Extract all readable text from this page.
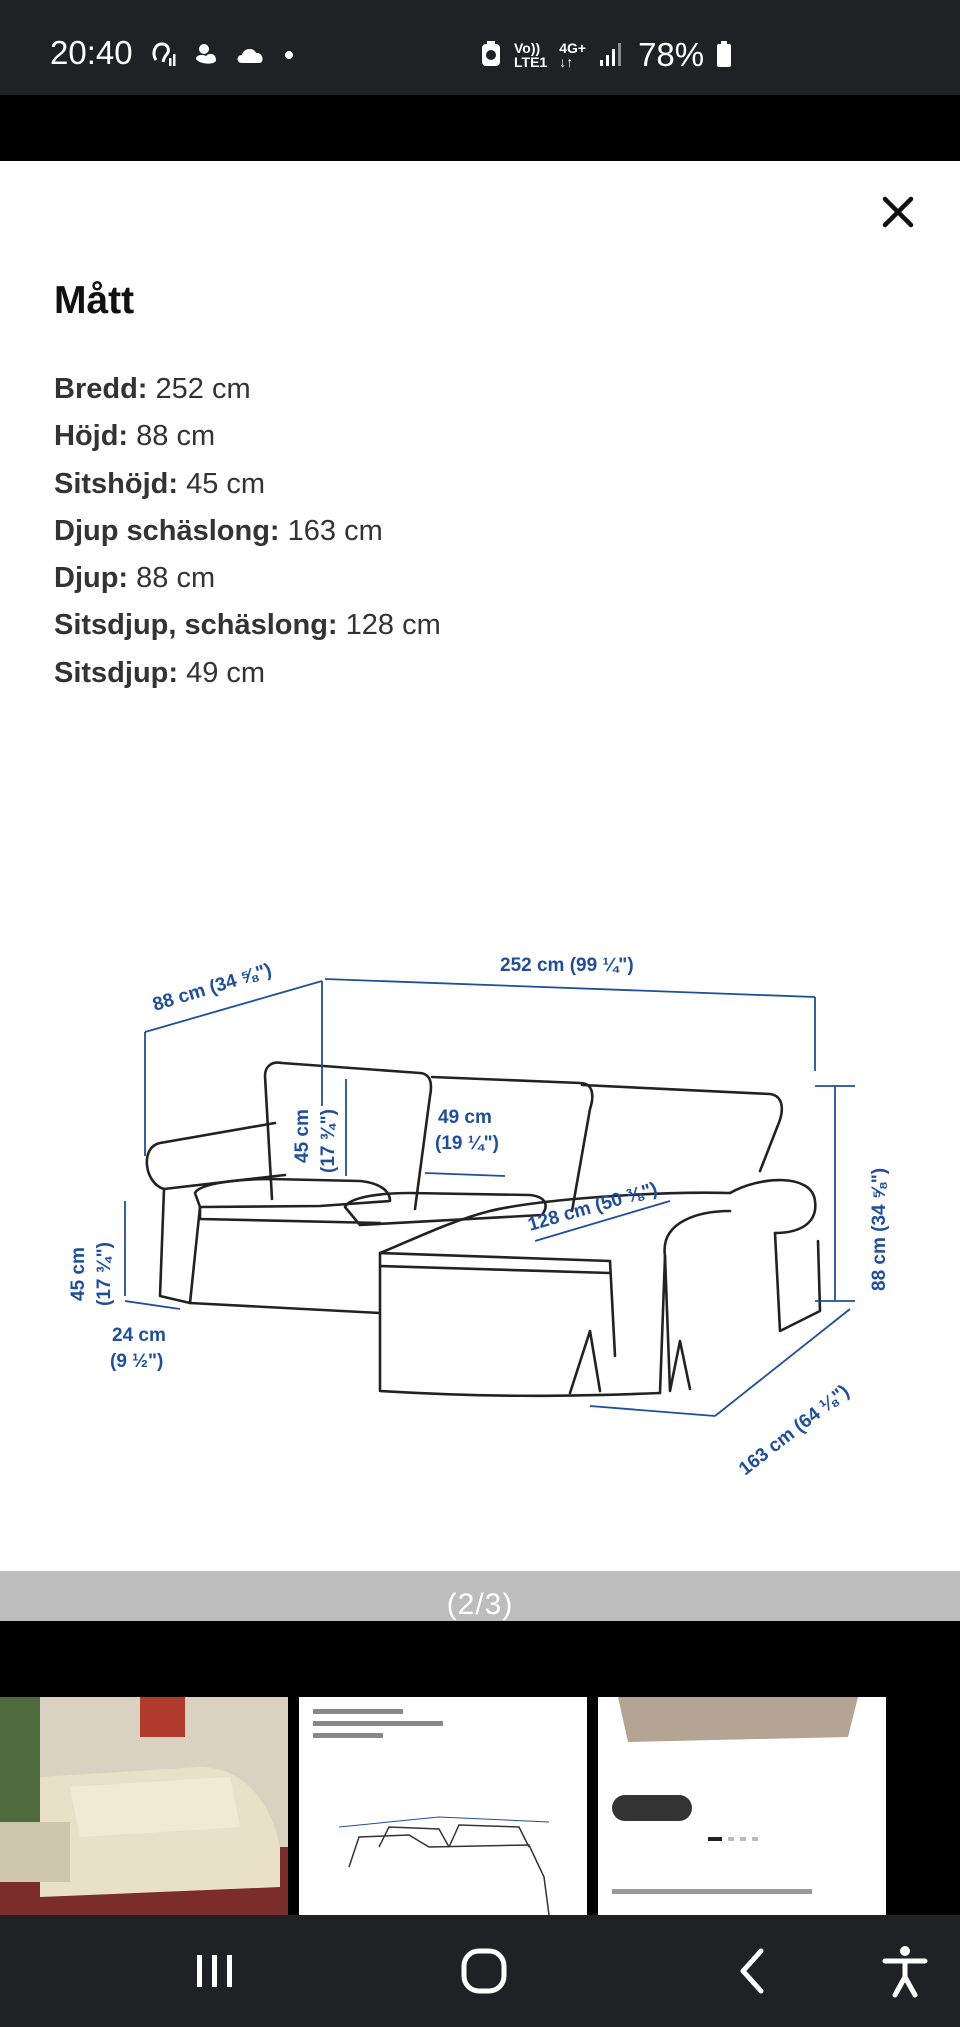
20:40	Vo))
LTE1
4G+
↓↑	78%
Mått
Bredd: 252 cm
Höjd: 88 cm
Sitshöjd: 45 cm
Djup schäslong: 163 cm
Djup: 88 cm
Sitsdjup, schäslong: 128 cm
Sitsdjup: 49 cm
88 cm (34 ⅝")	252 cm (99 ¼")
45 cm (17 ¾")	49 cm
(19 ¼")
128 cm (50 ⅜")	88 cm (34 ⅝")
45 cm (17 ¾")
24 cm
(9 ½")
163 cm (64 ⅛")
(2/3)
